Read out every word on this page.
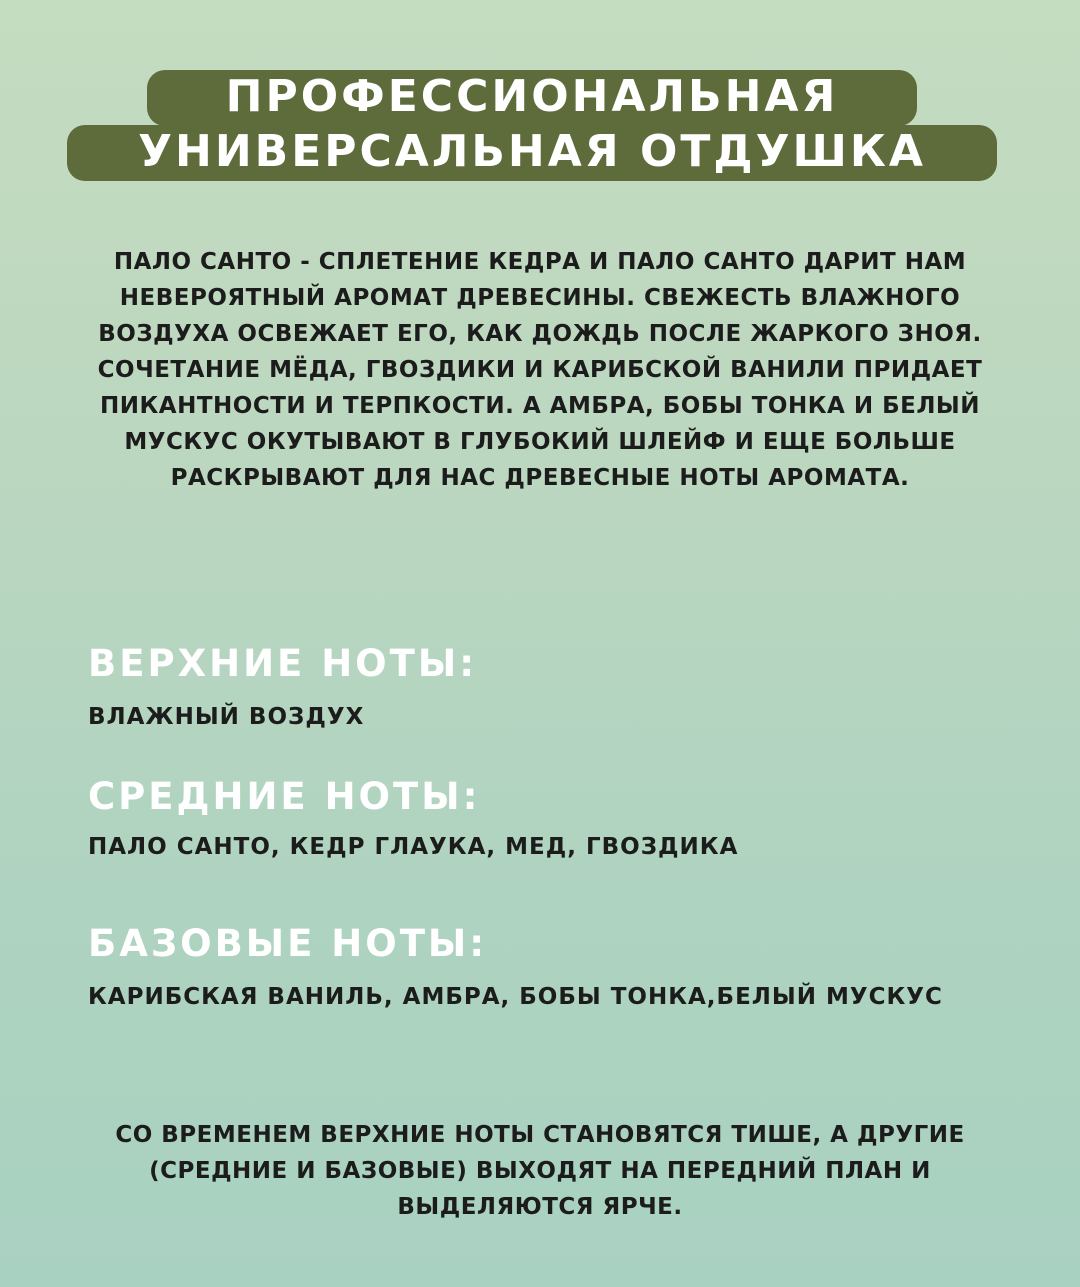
ПРОФЕССИОНАЛЬНАЯ
УНИВЕРСАЛЬНАЯ ОТДУШКА

ПАЛО САНТО - СПЛЕТЕНИЕ КЕДРА И ПАЛО САНТО ДАРИТ НАМ НЕВЕРОЯТНЫЙ АРОМАТ ДРЕВЕСИНЫ. СВЕЖЕСТЬ ВЛАЖНОГО ВОЗДУХА ОСВЕЖАЕТ ЕГО, КАК ДОЖДЬ ПОСЛЕ ЖАРКОГО ЗНОЯ. СОЧЕТАНИЕ МЁДА, ГВОЗДИКИ И КАРИБСКОЙ ВАНИЛИ ПРИДАЕТ ПИКАНТНОСТИ И ТЕРПКОСТИ. А АМБРА, БОБЫ ТОНКА И БЕЛЫЙ МУСКУС ОКУТЫВАЮТ В ГЛУБОКИЙ ШЛЕЙФ И ЕЩЕ БОЛЬШЕ РАСКРЫВАЮТ ДЛЯ НАС ДРЕВЕСНЫЕ НОТЫ АРОМАТА.

ВЕРХНИЕ НОТЫ:

ВЛАЖНЫЙ ВОЗДУХ

СРЕДНИЕ НОТЫ:

ПАЛО САНТО, КЕДР ГЛАУКА, МЕД, ГВОЗДИКА

БАЗОВЫЕ НОТЫ:

КАРИБСКАЯ ВАНИЛЬ, АМБРА, БОБЫ ТОНКА,БЕЛЫЙ МУСКУС

СО ВРЕМЕНЕМ ВЕРХНИЕ НОТЫ СТАНОВЯТСЯ ТИШЕ, А ДРУГИЕ (СРЕДНИЕ И БАЗОВЫЕ) ВЫХОДЯТ НА ПЕРЕДНИЙ ПЛАН И ВЫДЕЛЯЮТСЯ ЯРЧЕ.
